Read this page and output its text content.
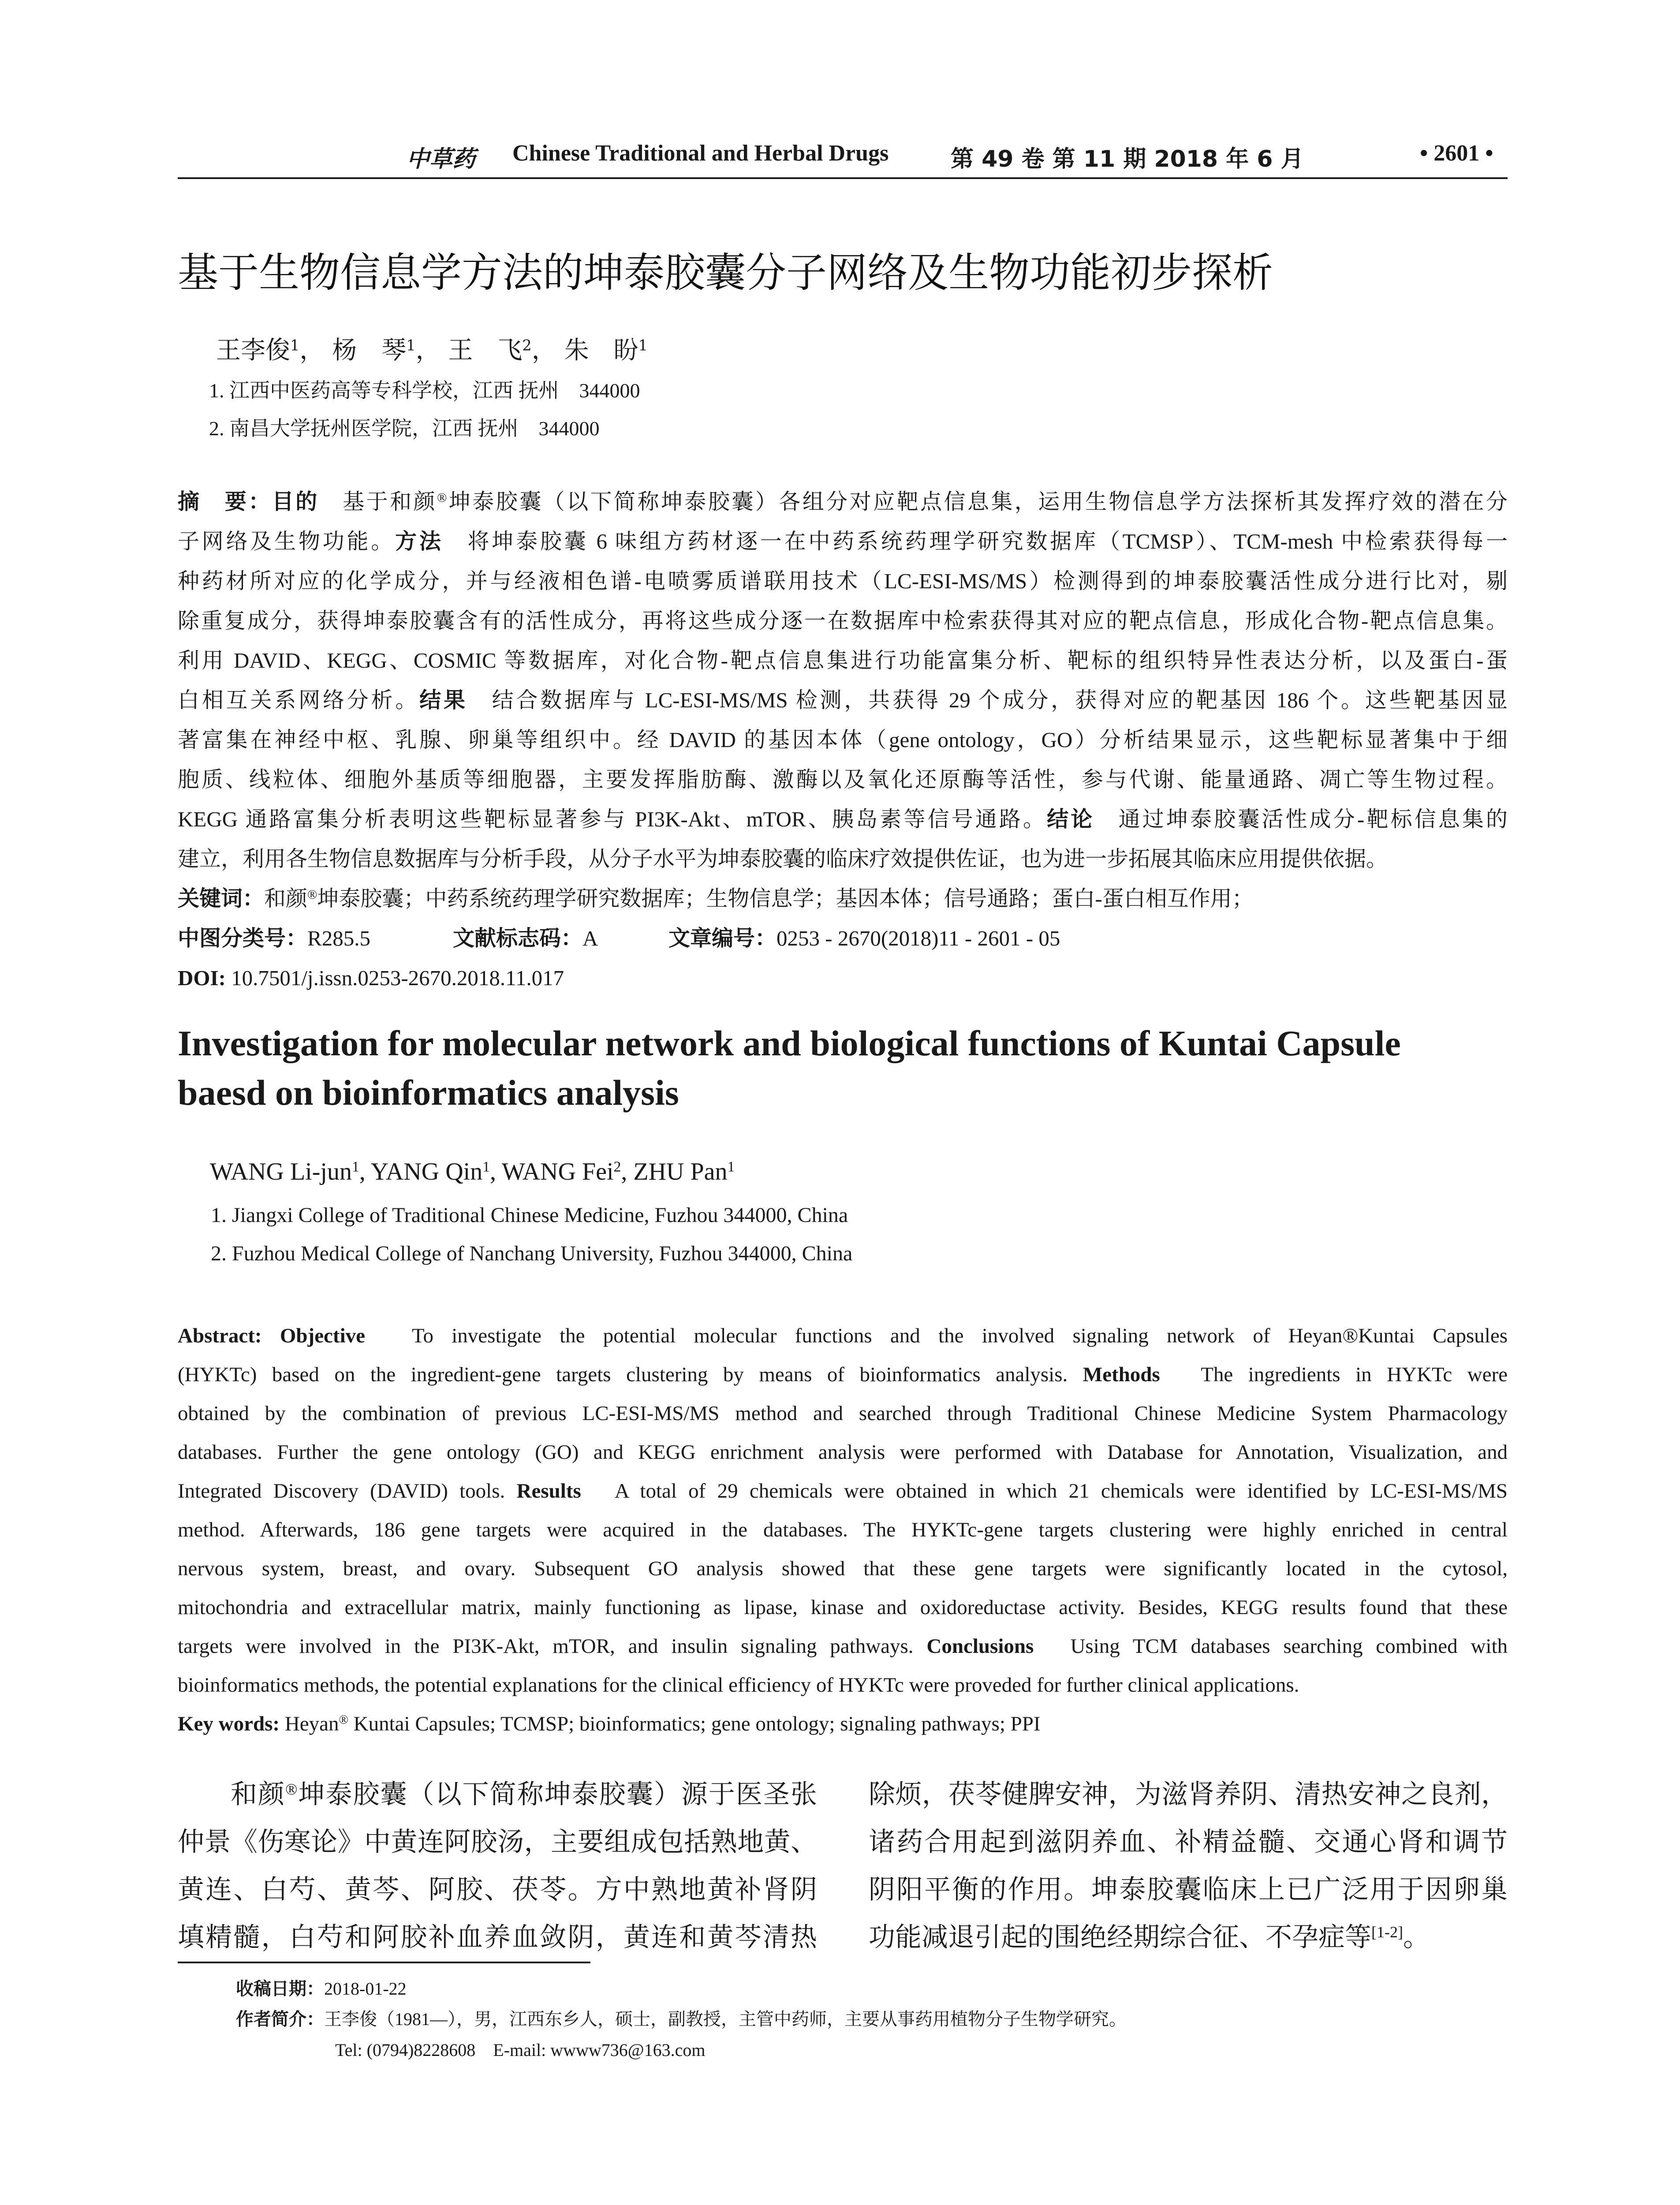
中草药 Chinese Traditional and Herbal Drugs	第 49 卷 第 11 期 2018 年 6 月	• 2601 •
基于生物信息学方法的坤泰胶囊分子网络及生物功能初步探析
王李俊$^1$， 杨　琴$^1$， 王　飞$^2$， 朱　盼$^1$
1. 江西中医药高等专科学校，江西 抚州　344000
2. 南昌大学抚州医学院，江西 抚州　344000
摘　要：目的　 基于和颜®坤泰胶囊（以下简称坤泰胶囊）各组分对应靶点信息集，运用生物信息学方法探析其发挥疗效的潜在分
子网络及生物功能。方法　 将坤泰胶囊 6 味组方药材逐一在中药系统药理学研究数据库（TCMSP）、TCM-mesh 中检索获得每一
种药材所对应的化学成分，并与经液相色谱-电喷雾质谱联用技术（LC-ESI-MS/MS）检测得到的坤泰胶囊活性成分进行比对，剔
除重复成分，获得坤泰胶囊含有的活性成分，再将这些成分逐一在数据库中检索获得其对应的靶点信息，形成化合物-靶点信息集。
利用 DAVID、KEGG、COSMIC 等数据库，对化合物-靶点信息集进行功能富集分析、靶标的组织特异性表达分析，以及蛋白-蛋
白相互关系网络分析。结果　 结合数据库与 LC-ESI-MS/MS 检测，共获得 29 个成分，获得对应的靶基因 186 个。这些靶基因显
著富集在神经中枢、乳腺、卵巢等组织中。经 DAVID 的基因本体（gene ontology，GO）分析结果显示，这些靶标显著集中于细
胞质、线粒体、细胞外基质等细胞器，主要发挥脂肪酶、激酶以及氧化还原酶等活性，参与代谢、能量通路、凋亡等生物过程。
KEGG 通路富集分析表明这些靶标显著参与 PI3K-Akt、mTOR、胰岛素等信号通路。结论　 通过坤泰胶囊活性成分-靶标信息集的
建立，利用各生物信息数据库与分析手段，从分子水平为坤泰胶囊的临床疗效提供佐证，也为进一步拓展其临床应用提供依据。
关键词：和颜®坤泰胶囊；中药系统药理学研究数据库；生物信息学；基因本体；信号通路；蛋白-蛋白相互作用；
中图分类号：R285.5	文献标志码：A	文章编号：0253 - 2670(2018)11 - 2601 - 05
DOI: 10.7501/j.issn.0253-2670.2018.11.017
Investigation for molecular network and biological functions of Kuntai Capsule
baesd on bioinformatics analysis
WANG Li-jun$^1$, YANG Qin$^1$, WANG Fei$^2$, ZHU Pan$^1$
1. Jiangxi College of Traditional Chinese Medicine, Fuzhou 344000, China
2. Fuzhou Medical College of Nanchang University, Fuzhou 344000, China
Abstract: Objective　 To investigate the potential molecular functions and the involved signaling network of Heyan®Kuntai Capsules
(HYKTc) based on the ingredient-gene targets clustering by means of bioinformatics analysis. Methods　 The ingredients in HYKTc were
obtained by the combination of previous LC-ESI-MS/MS method and searched through Traditional Chinese Medicine System Pharmacology
databases. Further the gene ontology (GO) and KEGG enrichment analysis were performed with Database for Annotation, Visualization, and
Integrated Discovery (DAVID) tools. Results　 A total of 29 chemicals were obtained in which 21 chemicals were identified by LC-ESI-MS/MS
method. Afterwards, 186 gene targets were acquired in the databases. The HYKTc-gene targets clustering were highly enriched in central
nervous system, breast, and ovary. Subsequent GO analysis showed that these gene targets were significantly located in the cytosol,
mitochondria and extracellular matrix, mainly functioning as lipase, kinase and oxidoreductase activity. Besides, KEGG results found that these
targets were involved in the PI3K-Akt, mTOR, and insulin signaling pathways. Conclusions　 Using TCM databases searching combined with
bioinformatics methods, the potential explanations for the clinical efficiency of HYKTc were proveded for further clinical applications.
Key words: Heyan® Kuntai Capsules; TCMSP; bioinformatics; gene ontology; signaling pathways; PPI
和颜®坤泰胶囊（以下简称坤泰胶囊）源于医圣张
仲景《伤寒论》中黄连阿胶汤，主要组成包括熟地黄、
黄连、白芍、黄芩、阿胶、茯苓。方中熟地黄补肾阴
填精髓，白芍和阿胶补血养血敛阴，黄连和黄芩清热
除烦，茯苓健脾安神，为滋肾养阴、清热安神之良剂，
诸药合用起到滋阴养血、补精益髓、交通心肾和调节
阴阳平衡的作用。坤泰胶囊临床上已广泛用于因卵巢
功能减退引起的围绝经期综合征、不孕症等[1-2]。
收稿日期：2018-01-22
作者简介：王李俊（1981—），男，江西东乡人，硕士，副教授，主管中药师，主要从事药用植物分子生物学研究。
Tel: (0794)8228608　E-mail: wwww736@163.com
